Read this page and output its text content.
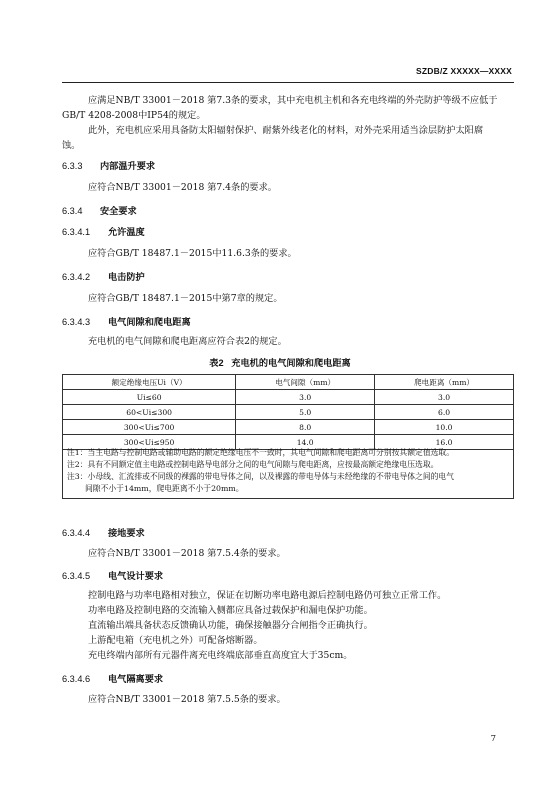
SZDB/Z XXXXX—XXXX
应满足NB/T 33001－2018 第7.3条的要求，其中充电机主机和各充电终端的外壳防护等级不应低于
GB/T 4208-2008中IP54的规定。
此外，充电机应采用具备防太阳辐射保护、耐紫外线老化的材料，对外壳采用适当涂层防护太阳腐
蚀。
6.3.3 内部温升要求
应符合NB/T 33001－2018 第7.4条的要求。
6.3.4 安全要求
6.3.4.1 允许温度
应符合GB/T 18487.1－2015中11.6.3条的要求。
6.3.4.2 电击防护
应符合GB/T 18487.1－2015中第7章的规定。
6.3.4.3 电气间隙和爬电距离
充电机的电气间隙和爬电距离应符合表2的规定。
表2   充电机的电气间隙和爬电距离
额定绝缘电压Ui（V）	电气间隙（mm）	爬电距离（mm）
Ui≤60	3.0	3.0
60<Ui≤300	5.0	6.0
300<Ui≤700	8.0	10.0
300<Ui≤950	14.0	16.0
注1：当主电路与控制电路或辅助电路的额定绝缘电压不一致时，其电气间隙和爬电距离可分别按其额定值选取。
注2：具有不同额定值主电路或控制电路导电部分之间的电气间隙与爬电距离，应按最高额定绝缘电压选取。
注3：小母线、汇流排或不同级的裸露的带电导体之间，以及裸露的带电导体与未经绝缘的不带电导体之间的电气
间隙不小于14mm，爬电距离不小于20mm。
6.3.4.4 接地要求
应符合NB/T 33001－2018 第7.5.4条的要求。
6.3.4.5 电气设计要求
控制电路与功率电路相对独立，保证在切断功率电路电源后控制电路仍可独立正常工作。
功率电路及控制电路的交流输入侧都应具备过载保护和漏电保护功能。
直流输出端具备状态反馈确认功能，确保接触器分合闸指令正确执行。
上游配电箱（充电机之外）可配备熔断器。
充电终端内部所有元器件离充电终端底部垂直高度宜大于35cm。
6.3.4.6 电气隔离要求
应符合NB/T 33001－2018 第7.5.5条的要求。
7
